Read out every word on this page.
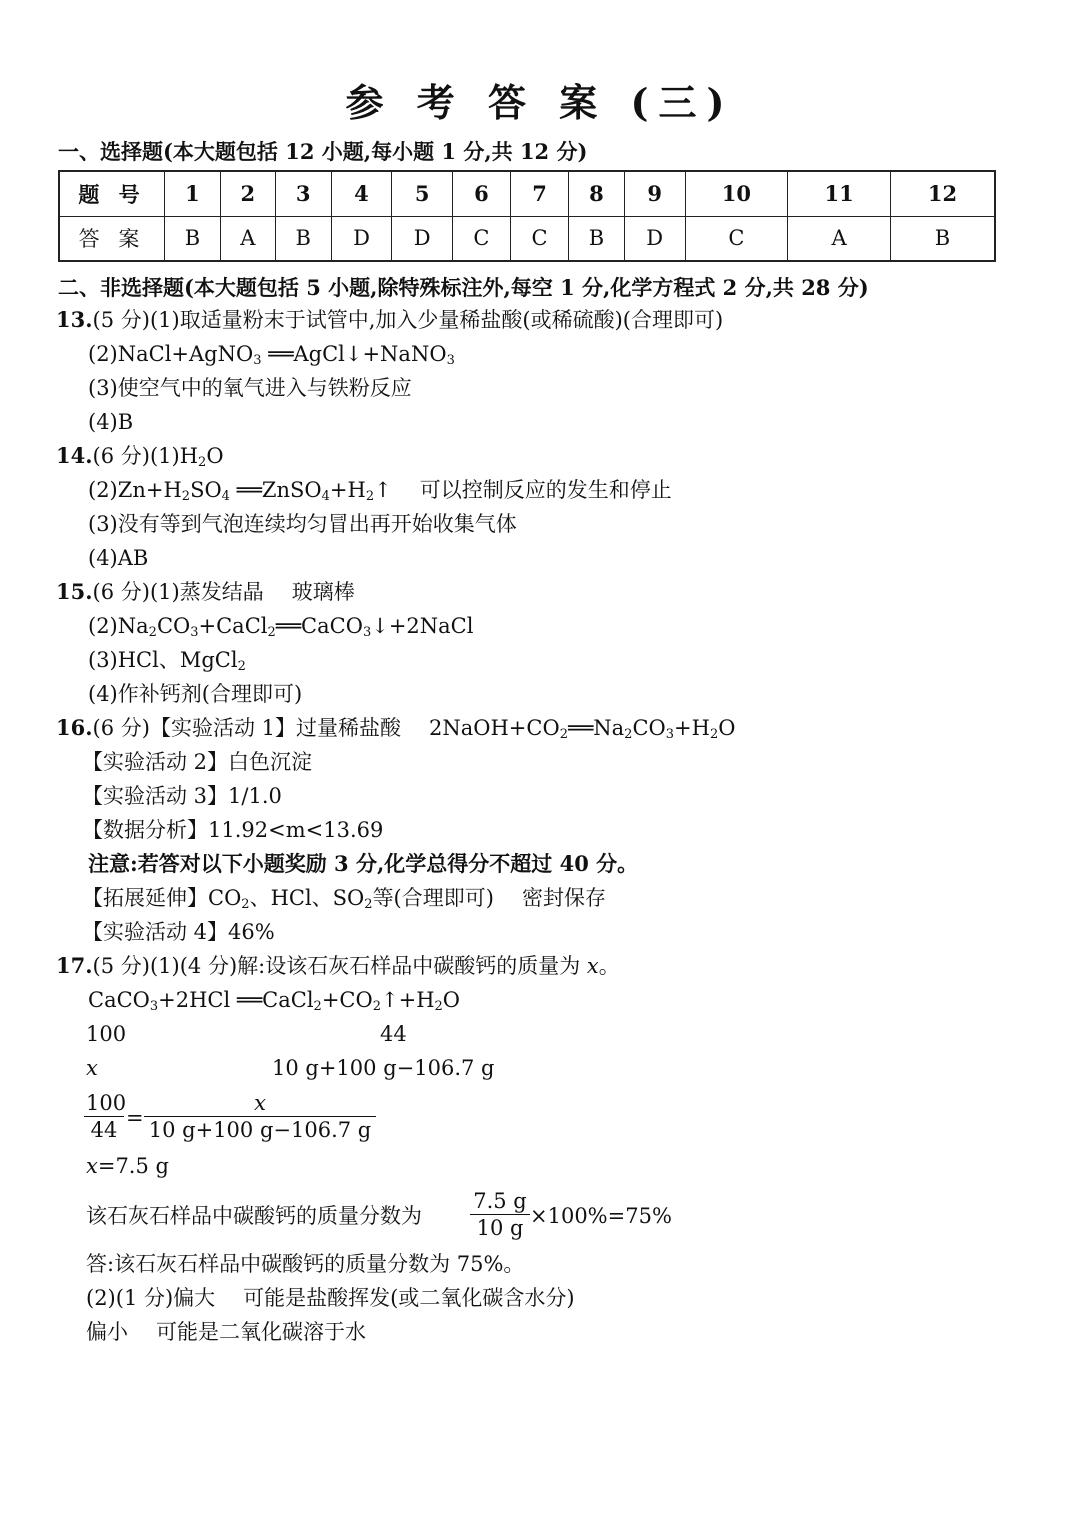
参 考 答 案 (三)
一、选择题(本大题包括 12 小题,每小题 1 分,共 12 分)
题 号	1	2	3	4	5	6	7	8	9	10	11	12
答 案	B	A	B	D	D	C	C	B	D	C	A	B
二、非选择题(本大题包括 5 小题,除特殊标注外,每空 1 分,化学方程式 2 分,共 28 分)
13.(5 分)(1)取适量粉末于试管中,加入少量稀盐酸(或稀硫酸)(合理即可)
(2)NaCl+AgNO$_3$ ══AgCl↓+NaNO$_3$
(3)使空气中的氧气进入与铁粉反应
(4)B
14.(6 分)$(1)H_2O$
$(2)Zn+H_2SO_4$ $══ZnSO_4+H_2↑$ 可以控制反应的发生和停止
(3)没有等到气泡连续均匀冒出再开始收集气体
(4)AB
15.(6 分)(1)蒸发结晶 玻璃棒
$(2)Na_2CO_3+CaCl_2══CaCO_3↓+2NaCl$
(3)HCl、MgCl$_2$
(4)作补钙剂(合理即可)
16.(6 分)【实验活动 1】过量稀盐酸 $2NaOH+CO_2══Na_2CO_3+H_2O$
【实验活动 2】白色沉淀
【实验活动 3】1/1.0
【数据分析】11.92<m<13.69
注意:若答对以下小题奖励 3 分,化学总得分不超过 40 分。
【拓展延伸】$CO_2$、HCl、$SO_2$等(合理即可) 密封保存
【实验活动 4】46%
17.(5 分)(1)(4 分)解:设该石灰石样品中碳酸钙的质量为 x。
CaCO$_3$+2HCl $══CaCl_2+CO_2↑+H_2O$
100	44
x	10 g+100 g−106.7 g
$\frac{100}{44} = \frac{x}{10 g+100 g-106.7 g}$
x=7.5 g
该石灰石样品中碳酸钙的质量分数为 $\frac{7.5 g}{10 g} \times 100\%=75\%$
答:该石灰石样品中碳酸钙的质量分数为 75%。
(2)(1 分)偏大 可能是盐酸挥发(或二氧化碳含水分)
偏小 可能是二氧化碳溶于水
